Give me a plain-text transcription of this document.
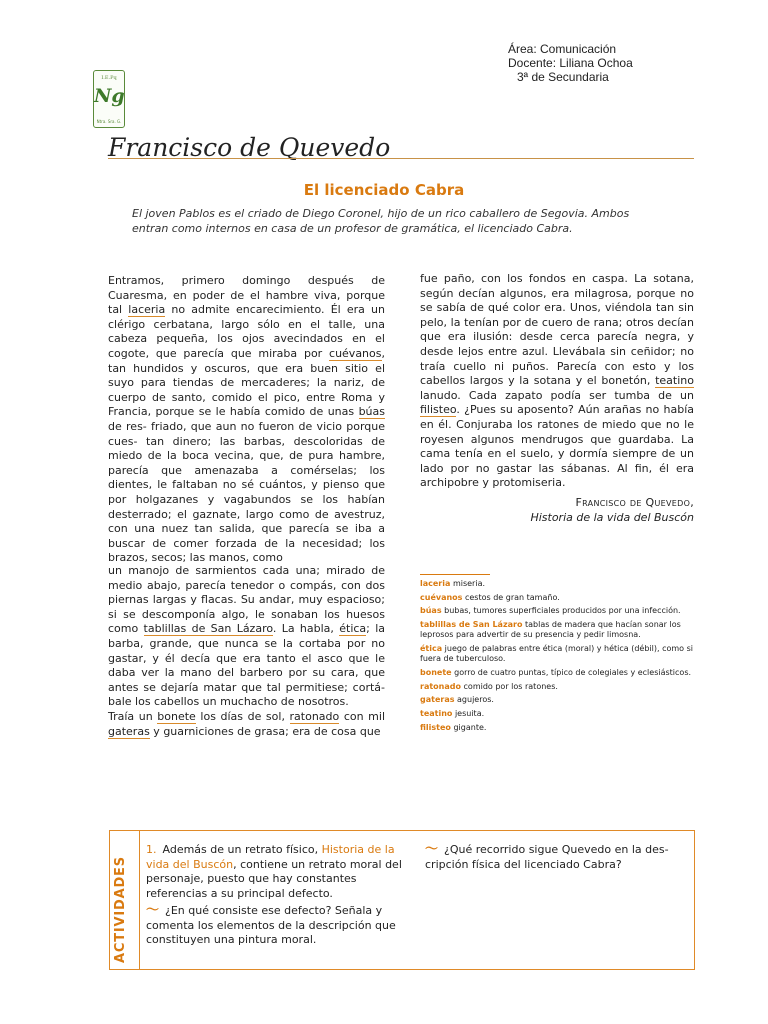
Área: Comunicación
Docente: Liliana Ochoa
3ª de Secundaria
I.E.Pq
Ng
Ntra. Sra. G.
Francisco de Quevedo
El licenciado Cabra
El joven Pablos es el criado de Diego Coronel, hijo de un rico caballero de Segovia. Ambos entran como internos en casa de un profesor de gramática, el licenciado Cabra.

Entramos, primero domingo después de Cuaresma, en poder de el hambre viva, porque tal laceria no admite encarecimiento. Él era un clérigo cerbatana, largo sólo en el talle, una cabeza pequeña, los ojos avecindados en el cogote, que parecía que miraba por cuévanos, tan hundidos y oscuros, que era buen sitio el suyo para tiendas de mercaderes; la nariz, de cuerpo de santo, comido el pico, entre Roma y Francia, porque se le había comido de unas búas de res- friado, que aun no fueron de vicio porque cues- tan dinero; las barbas, descoloridas de miedo de la boca vecina, que, de pura hambre, parecía que amenazaba a comérselas; los dientes, le faltaban no sé cuántos, y pienso que por holgazanes y vagabundos se los habían desterrado; el gaznate, largo como de avestruz, con una nuez tan salida, que parecía se iba a buscar de comer forzada de la necesidad; los brazos, secos; las manos, como

un manojo de sarmientos cada una; mirado de medio abajo, parecía tenedor o compás, con dos piernas largas y flacas. Su andar, muy espacioso; si se descomponía algo, le sonaban los huesos como tablillas de San Lázaro. La habla, ética; la barba, grande, que nunca se la cortaba por no gastar, y él decía que era tanto el asco que le daba ver la mano del barbero por su cara, que antes se dejaría matar que tal permitiese; cortá- bale los cabellos un muchacho de nosotros.

Traía un bonete los días de sol, ratonado con mil gateras y guarniciones de grasa; era de cosa que

fue paño, con los fondos en caspa. La sotana, según decían algunos, era milagrosa, porque no se sabía de qué color era. Unos, viéndola tan sin pelo, la tenían por de cuero de rana; otros decían que era ilusión: desde cerca parecía negra, y desde lejos entre azul. Llevábala sin ceñidor; no traía cuello ni puños. Parecía con esto y los cabellos largos y la sotana y el bonetón, teatino lanudo. Cada zapato podía ser tumba de un filisteo. ¿Pues su aposento? Aún arañas no había en él. Conjuraba los ratones de miedo que no le royesen algunos mendrugos que guardaba. La cama tenía en el suelo, y dormía siempre de un lado por no gastar las sábanas. Al fin, él era archipobre y protomiseria.

Francisco de Quevedo,
Historia de la vida del Buscón
laceria miseria.
cuévanos cestos de gran tamaño.
búas bubas, tumores superficiales producidos por una infección.
tablillas de San Lázaro tablas de madera que hacían sonar los leprosos para advertir de su presencia y pedir limosna.
ética juego de palabras entre ética (moral) y hética (débil), como si fuera de tuberculoso.
bonete gorro de cuatro puntas, típico de colegiales y eclesiásticos.
ratonado comido por los ratones.
gateras agujeros.
teatino jesuita.
filisteo gigante.
ACTIVIDADES
1. Además de un retrato físico, Historia de la vida del Buscón, contiene un retrato moral del personaje, puesto que hay constantes referencias a su principal defecto.
〜 ¿En qué consiste ese defecto? Señala y comenta los elementos de la descripción que constituyen una pintura moral.
〜 ¿Qué recorrido sigue Quevedo en la des- cripción física del licenciado Cabra?
